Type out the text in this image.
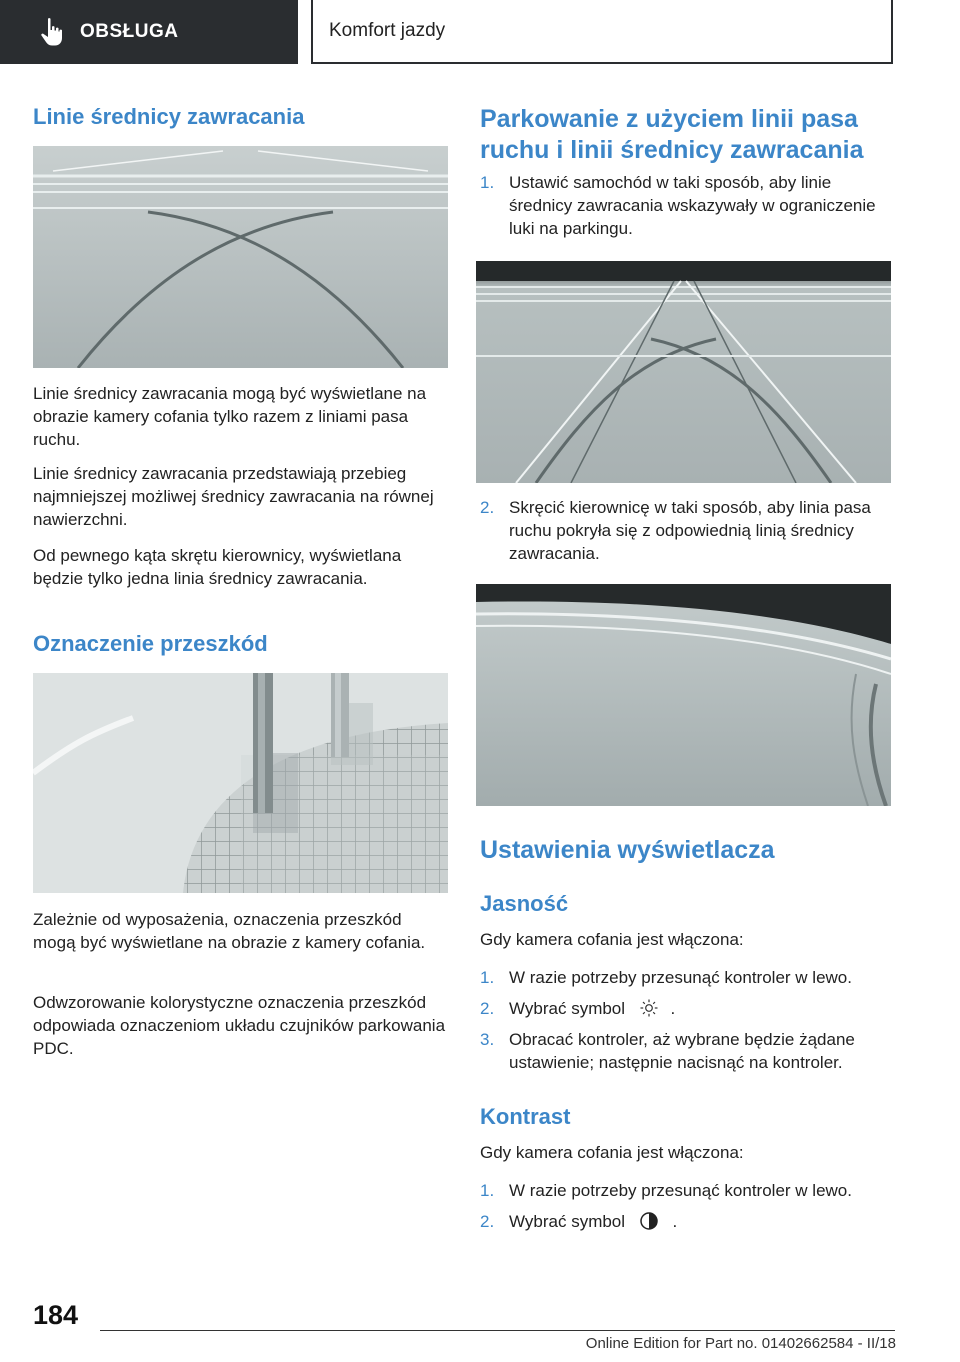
OBSŁUGA	Komfort jazdy
Linie średnicy zawracania

Linie średnicy zawracania mogą być wyświetlane na obrazie kamery cofania tylko razem z liniami pasa ruchu.

Linie średnicy zawracania przedstawiają przebieg najmniejszej możliwej średnicy zawracania na równej nawierzchni.

Od pewnego kąta skrętu kierownicy, wyświetlana będzie tylko jedna linia średnicy zawracania.

Oznaczenie przeszkód

Zależnie od wyposażenia, oznaczenia przeszkód mogą być wyświetlane na obrazie z kamery cofania.

Odwzorowanie kolorystyczne oznaczenia przeszkód odpowiada oznaczeniom układu czujników parkowania PDC.

Parkowanie z użyciem linii pasa ruchu i linii średnicy zawracania
1. Ustawić samochód w taki sposób, aby linie średnicy zawracania wskazywały w ograniczenie luki na parkingu.
2. Skręcić kierownicę w taki sposób, aby linia pasa ruchu pokryła się z odpowiednią linią średnicy zawracania.
Ustawienia wyświetlacza
Jasność

Gdy kamera cofania jest włączona:

1. W razie potrzeby przesunąć kontroler w lewo.
2. Wybrać symbol	.
3. Obracać kontroler, aż wybrane będzie żądane ustawienie; następnie nacisnąć na kontroler.
Kontrast

Gdy kamera cofania jest włączona:

1. W razie potrzeby przesunąć kontroler w lewo.
2. Wybrać symbol	.
184
Online Edition for Part no. 01402662584 - II/18
